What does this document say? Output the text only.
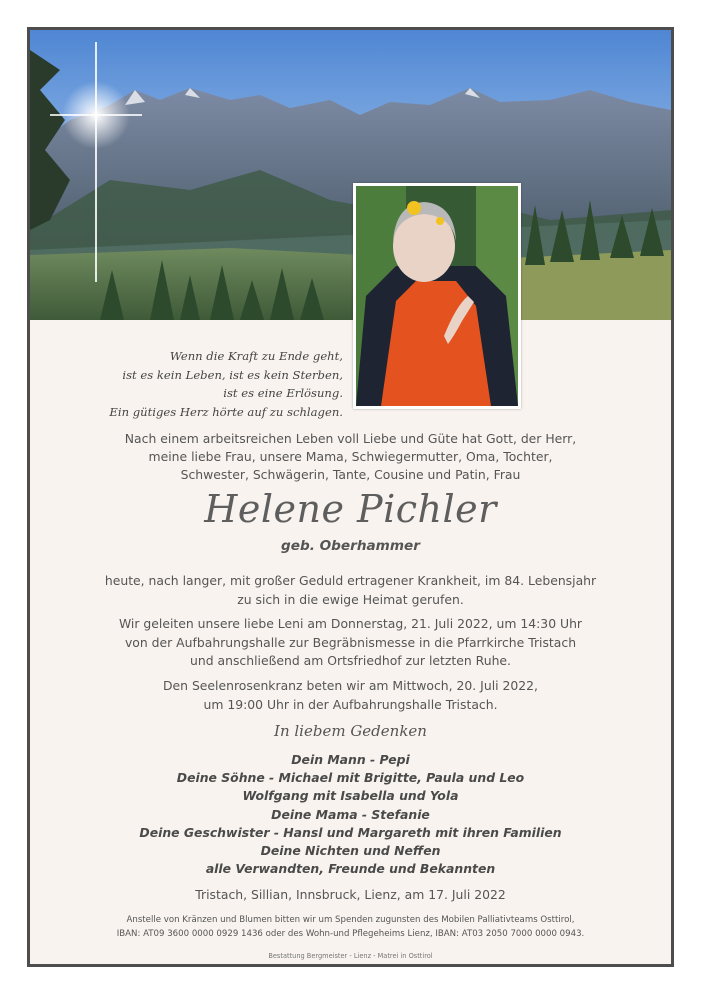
Wenn die Kraft zu Ende geht,
ist es kein Leben, ist es kein Sterben,
ist es eine Erlösung.
Ein gütiges Herz hörte auf zu schlagen.
Nach einem arbeitsreichen Leben voll Liebe und Güte hat Gott, der Herr,
meine liebe Frau, unsere Mama, Schwiegermutter, Oma, Tochter,
Schwester, Schwägerin, Tante, Cousine und Patin, Frau
Helene Pichler
geb. Oberhammer
heute, nach langer, mit großer Geduld ertragener Krankheit, im 84. Lebensjahr
zu sich in die ewige Heimat gerufen.
Wir geleiten unsere liebe Leni am Donnerstag, 21. Juli 2022, um 14:30 Uhr
von der Aufbahrungshalle zur Begräbnismesse in die Pfarrkirche Tristach
und anschließend am Ortsfriedhof zur letzten Ruhe.
Den Seelenrosenkranz beten wir am Mittwoch, 20. Juli 2022,
um 19:00 Uhr in der Aufbahrungshalle Tristach.
In liebem Gedenken
Dein Mann - Pepi
Deine Söhne - Michael mit Brigitte, Paula und Leo
Wolfgang mit Isabella und Yola
Deine Mama - Stefanie
Deine Geschwister - Hansl und Margareth mit ihren Familien
Deine Nichten und Neffen
alle Verwandten, Freunde und Bekannten
Tristach, Sillian, Innsbruck, Lienz, am 17. Juli 2022
Anstelle von Kränzen und Blumen bitten wir um Spenden zugunsten des Mobilen Palliativteams Osttirol,
IBAN: AT09 3600 0000 0929 1436 oder des Wohn-und Pflegeheims Lienz, IBAN: AT03 2050 7000 0000 0943.
Bestattung Bergmeister - Lienz - Matrei in Osttirol
